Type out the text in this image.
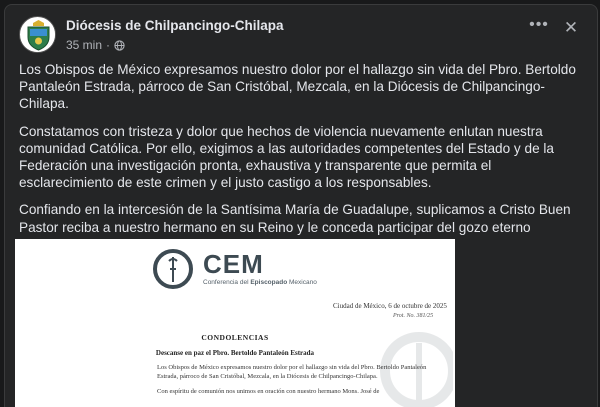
Diócesis de Chilpancingo-Chilapa
35 min ·
••• ✕

Los Obispos de México expresamos nuestro dolor por el hallazgo sin vida del Pbro. Bertoldo Pantaleón Estrada, párroco de San Cristóbal, Mezcala, en la Diócesis de Chilpancingo-Chilapa.

Constatamos con tristeza y dolor que hechos de violencia nuevamente enlutan nuestra comunidad Católica. Por ello, exigimos a las autoridades competentes del Estado y de la Federación una investigación pronta, exhaustiva y transparente que permita el esclarecimiento de este crimen y el justo castigo a los responsables.

Confiando en la intercesión de la Santísima María de Guadalupe, suplicamos a Cristo Buen Pastor reciba a nuestro hermano en su Reino y le conceda participar del gozo eterno

CEM
Conferencia del Episcopado Mexicano
Ciudad de México, 6 de octubre de 2025
Prot. No. 381/25
CONDOLENCIAS
Descanse en paz el Pbro. Bertoldo Pantaleón Estrada

Los Obispos de México expresamos nuestro dolor por el hallazgo sin vida del Pbro. Bertoldo Pantaleón Estrada, párroco de San Cristóbal, Mezcala, en la Diócesis de Chilpancingo-Chilapa.

Con espíritu de comunión nos unimos en oración con nuestro hermano Mons. José de
